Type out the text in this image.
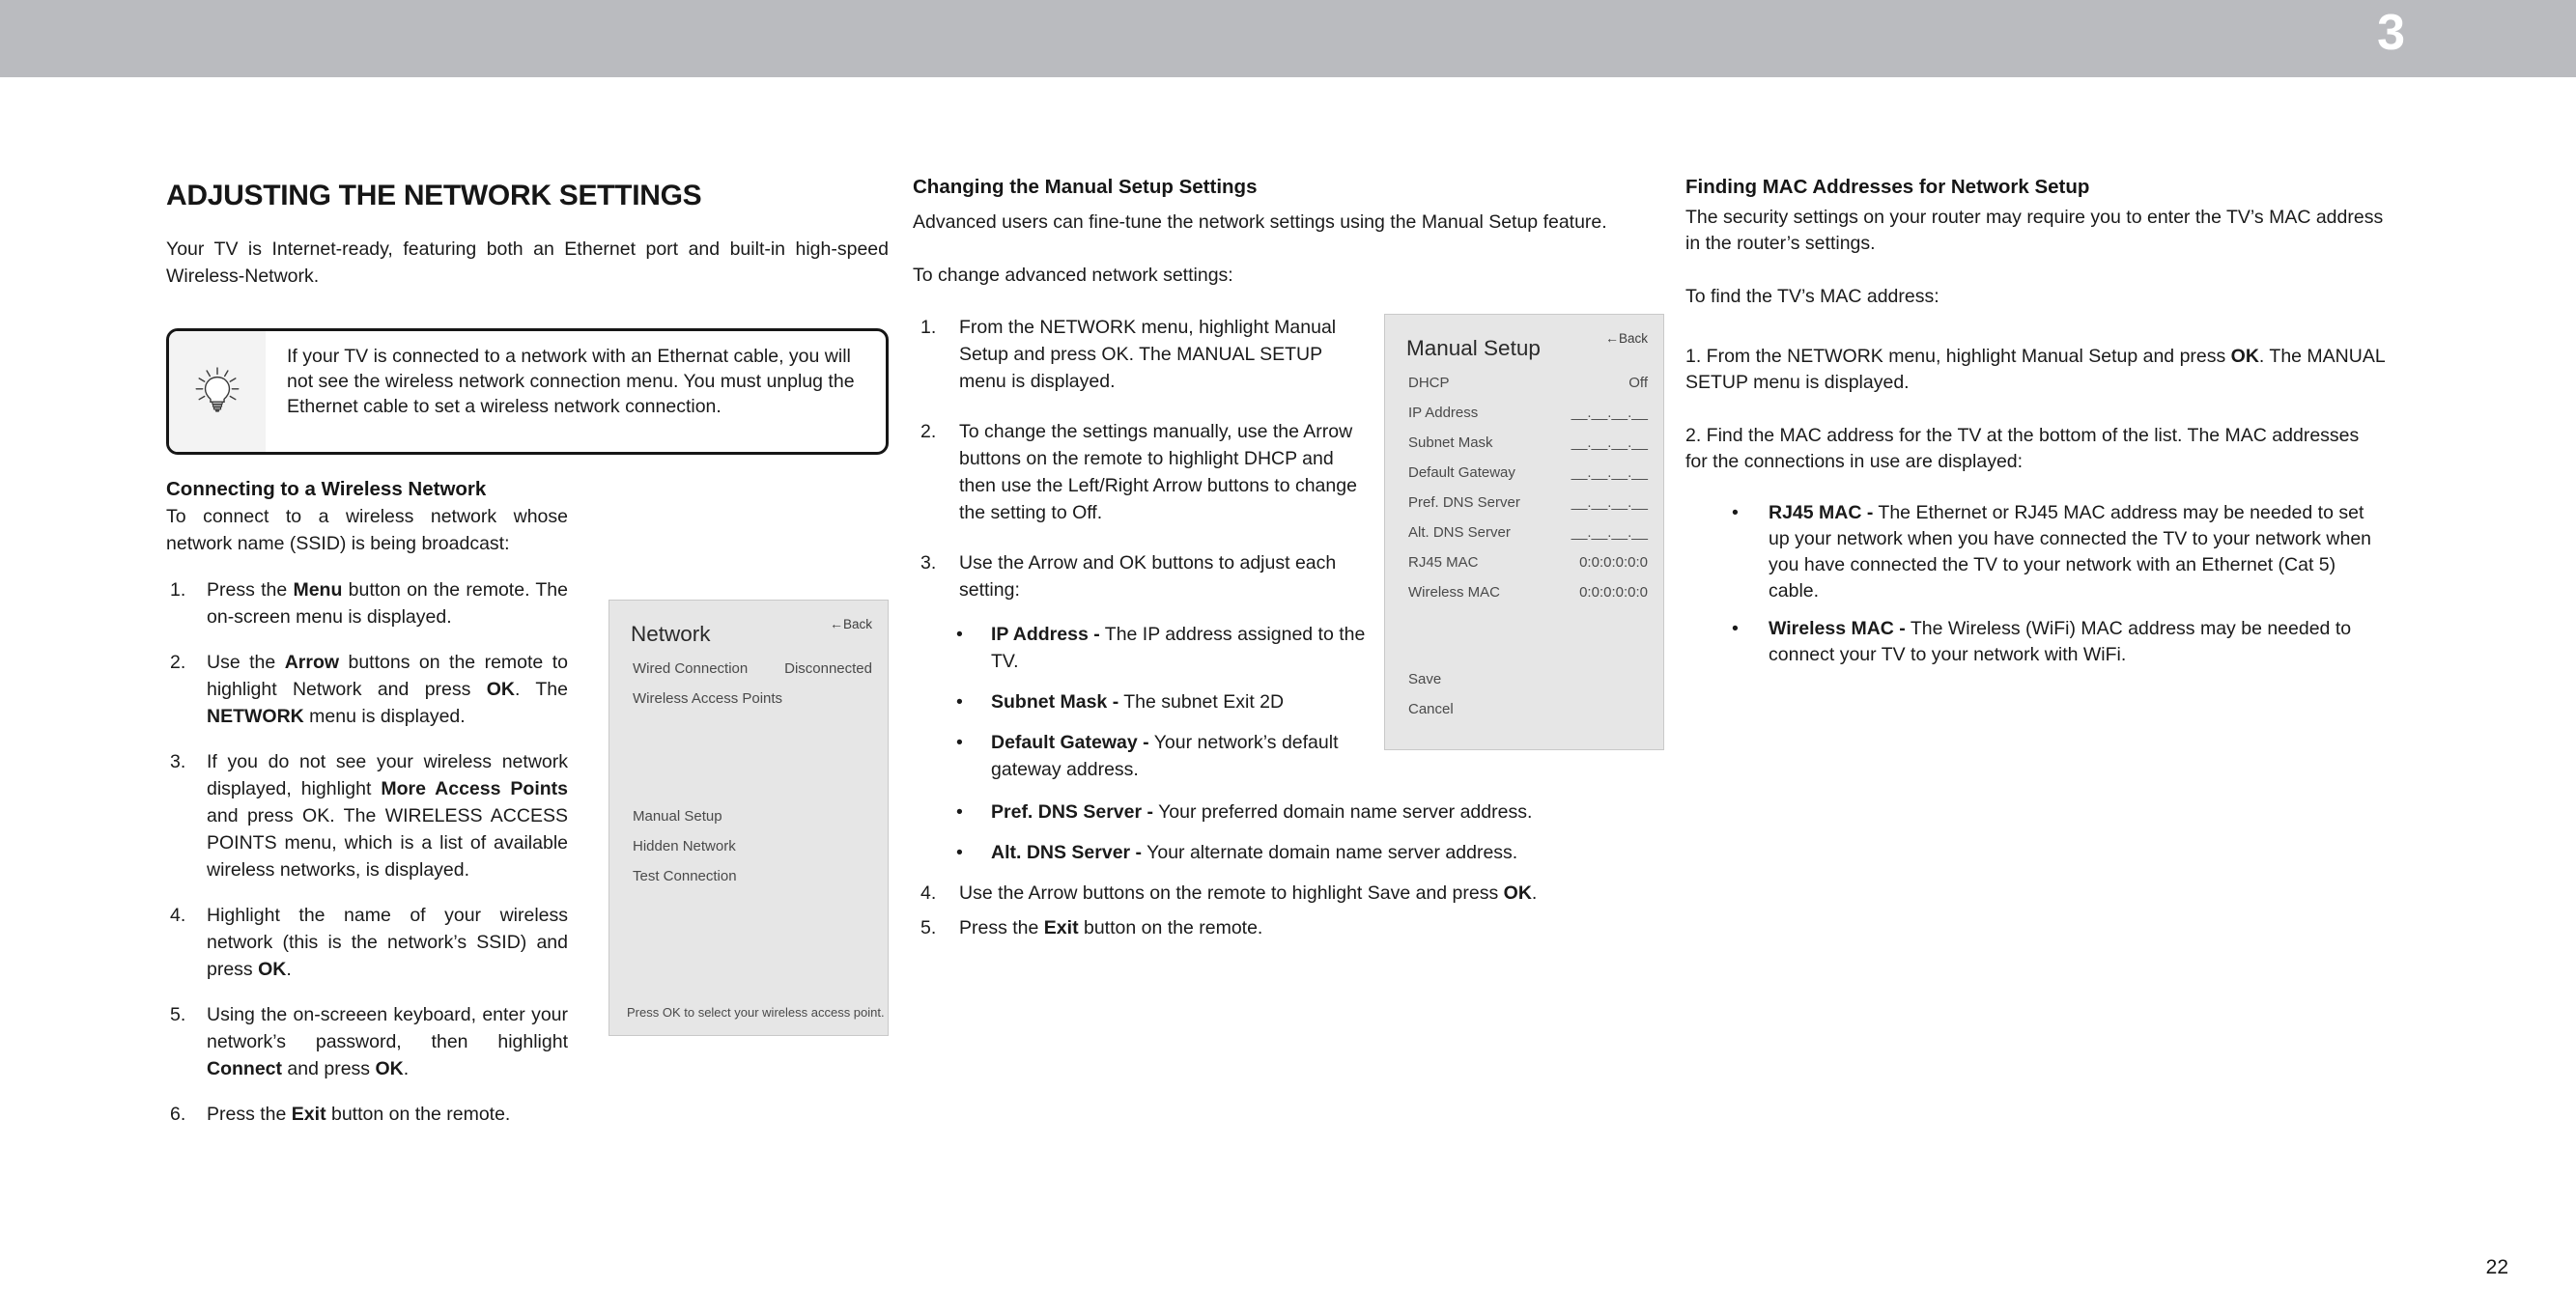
3
ADJUSTING THE NETWORK SETTINGS

Your TV is Internet-ready, featuring both an Ethernet port and built-in high-speed Wireless-Network.

If your TV is connected to a network with an Ethernat cable, you will not see the wireless network connection menu. You must unplug the Ethernet cable to set a wireless network connection.
Connecting to a Wireless Network

To connect to a wireless network whose network name (SSID) is being broadcast:

Press the Menu button on the remote. The on-screen menu is displayed.
Use the Arrow buttons on the remote to highlight Network and press OK. The NETWORK menu is displayed.
If you do not see your wireless network displayed, highlight More Access Points and press OK. The WIRELESS ACCESS POINTS menu, which is a list of available wireless networks, is displayed.
Highlight the name of your wireless network (this is the network’s SSID) and press OK.
Using the on-screeen keyboard, enter your network’s password, then highlight Connect and press OK.
Press the Exit button on the remote.
Network	←Back
Wired Connection	Disconnected
Wireless Access Points
Manual Setup
Hidden Network
Test Connection
Press OK to select your wireless access point.
Changing the Manual Setup Settings

Advanced users can fine-tune the network settings using the Manual Setup feature.

To change advanced network settings:

From the NETWORK menu, highlight Manual Setup and press OK. The MANUAL SETUP menu is displayed.
To change the settings manually, use the Arrow buttons on the remote to highlight DHCP and then use the Left/Right Arrow buttons to change the setting to Off.
Use the Arrow and OK buttons to adjust each setting:
• IP Address - The IP address assigned to the TV.
• Subnet Mask - The subnet Exit 2D
• Default Gateway - Your network’s default gateway address.
Manual Setup	←Back
DHCP	Off
IP Address	__.__.__.__
Subnet Mask	__.__.__.__
Default Gateway	__.__.__.__
Pref. DNS Server	__.__.__.__
Alt. DNS Server	__.__.__.__
RJ45 MAC	0:0:0:0:0:0
Wireless MAC	0:0:0:0:0:0
Save
Cancel
• Pref. DNS Server - Your preferred domain name server address.
• Alt. DNS Server - Your alternate domain name server address.
Use the Arrow buttons on the remote to highlight Save and press OK.
Press the Exit button on the remote.
Finding MAC Addresses for Network Setup

The security settings on your router may require you to enter the TV’s MAC address in the router’s settings.

To find the TV’s MAC address:

1. From the NETWORK menu, highlight Manual Setup and press OK. The MANUAL SETUP menu is displayed.

2. Find the MAC address for the TV at the bottom of the list. The MAC addresses for the connections in use are displayed:

• RJ45 MAC - The Ethernet or RJ45 MAC address may be needed to set up your network when you have connected the TV to your network when you have connected the TV to your network with an Ethernet (Cat 5) cable.
• Wireless MAC - The Wireless (WiFi) MAC address may be needed to connect your TV to your network with WiFi.
22
